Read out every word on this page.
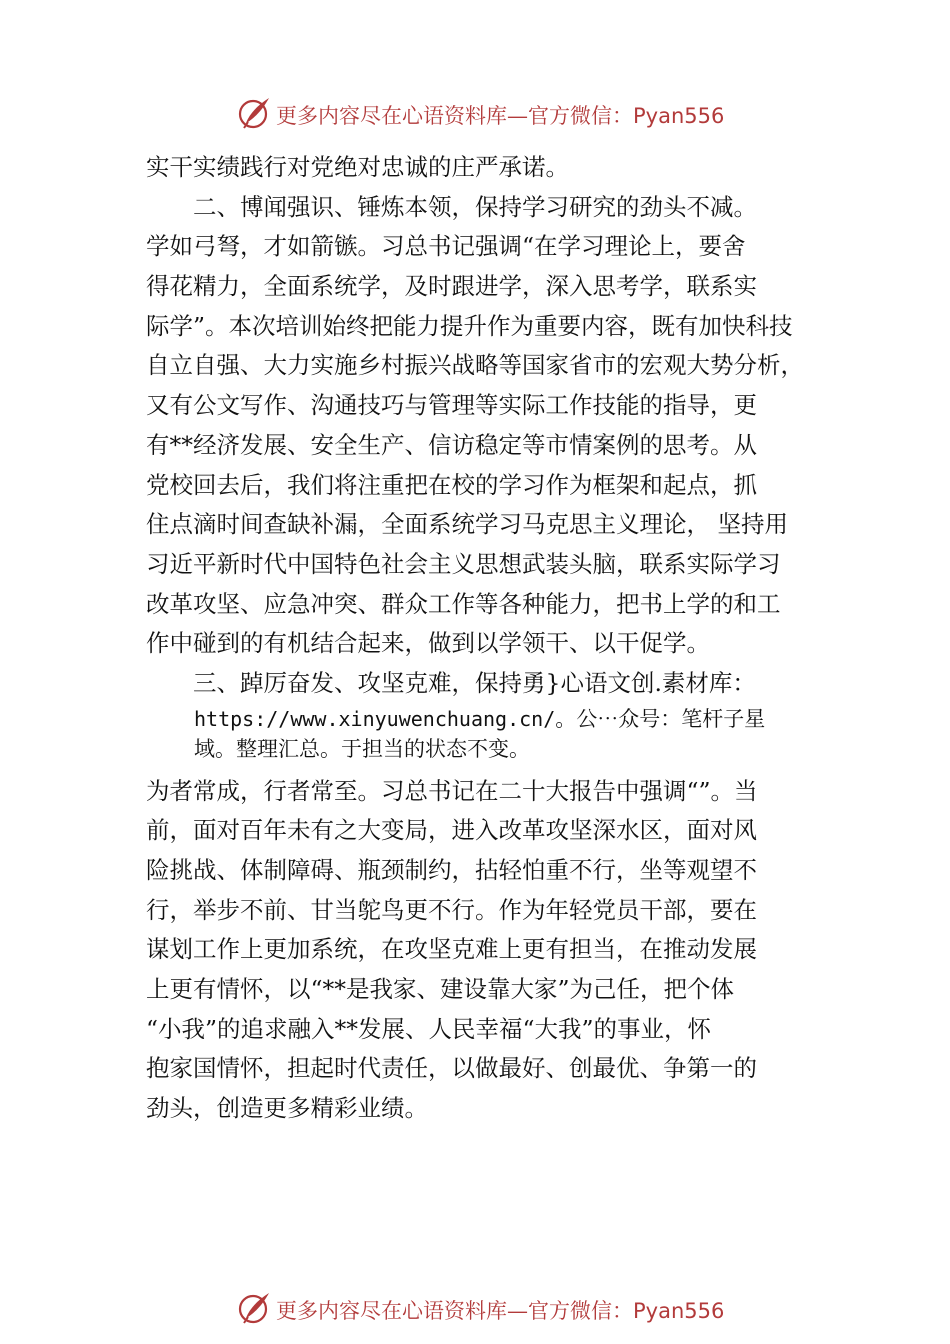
更多内容尽在心语资料库—官方微信：Pyan556
实干实绩践行对党绝对忠诚的庄严承诺。
二、博闻强识、锤炼本领，保持学习研究的劲头不减。
学如弓弩，才如箭镞。习总书记强调“在学习理论上，要舍
得花精力，全面系统学，及时跟进学，深入思考学，联系实
际学”。本次培训始终把能力提升作为重要内容，既有加快科技
自立自强、大力实施乡村振兴战略等国家省市的宏观大势分析，
又有公文写作、沟通技巧与管理等实际工作技能的指导，更
有**经济发展、安全生产、信访稳定等市情案例的思考。从
党校回去后，我们将注重把在校的学习作为框架和起点，抓
住点滴时间查缺补漏，全面系统学习马克思主义理论， 坚持用
习近平新时代中国特色社会主义思想武装头脑，联系实际学习
改革攻坚、应急冲突、群众工作等各种能力，把书上学的和工
作中碰到的有机结合起来，做到以学领干、以干促学。
三、踔厉奋发、攻坚克难，保持勇}心语文创.素材库：
https://www.xinyuwenchuang.cn/。公⋯众号：笔杆子星
域。整理汇总。于担当的状态不变。
为者常成，行者常至。习总书记在二十大报告中强调“”。当
前，面对百年未有之大变局，进入改革攻坚深水区，面对风
险挑战、体制障碍、瓶颈制约，拈轻怕重不行，坐等观望不
行，举步不前、甘当鸵鸟更不行。作为年轻党员干部，要在
谋划工作上更加系统，在攻坚克难上更有担当，在推动发展
上更有情怀，以“**是我家、建设靠大家”为己任，把个体
“小我”的追求融入**发展、人民幸福“大我”的事业，怀
抱家国情怀，担起时代责任，以做最好、创最优、争第一的
劲头，创造更多精彩业绩。
更多内容尽在心语资料库—官方微信：Pyan556
